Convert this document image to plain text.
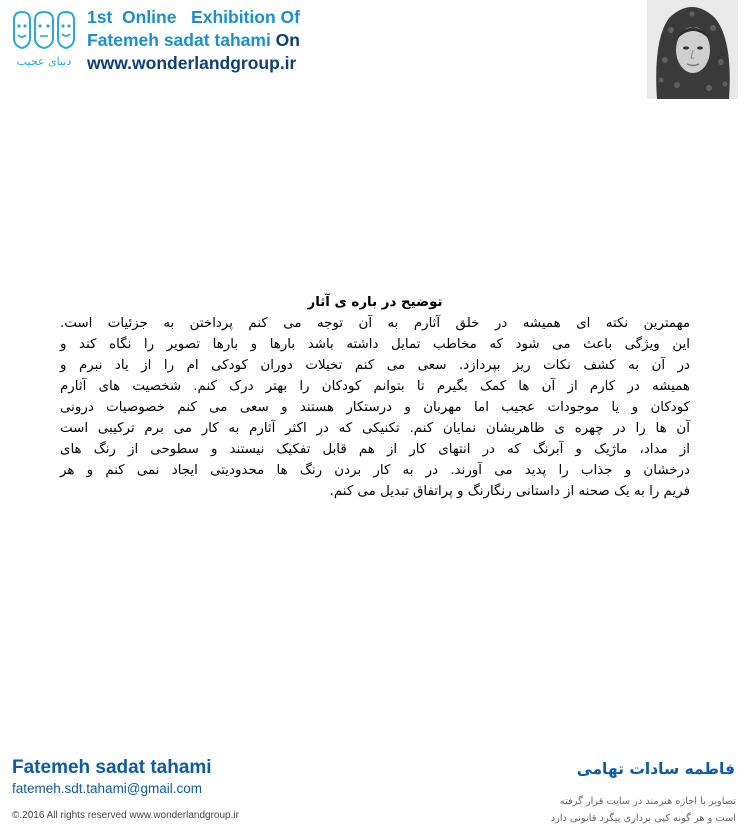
دنیای عجیب
1st  Online   Exhibition Of
Fatemeh sadat tahami On
www.wonderlandgroup.ir
توضیح در باره ی آثار
مهمترین نکته ای همیشه در خلق آثارم به آن توجه می کنم پرداختن به جزئیات است.
این ویژگی باعث می شود که مخاطب تمایل داشته باشد بارها و بارها تصویر را نگاه کند و
در آن به کشف نکات ریز بپردازد. سعی می کنم تخیلات دوران کودکی ام را از یاد نبرم و
همیشه در کارم از آن ها کمک بگیرم تا بتوانم کودکان را بهتر درک کنم. شخصیت های آثارم
کودکان و یا موجودات عجیب اما مهربان و درستکار هستند و سعی می کنم خصوصیات درونی
آن ها را در چهره ی ظاهریشان نمایان کنم. تکنیکی که در اکثر آثارم به کار می برم ترکیبی است
از مداد، ماژیک و آبرنگ که در انتهای کار از هم قابل تفکیک نیستند و سطوحی از رنگ های
درخشان و جذاب را پدید می آورند. در به کار بردن رنگ ها محدودیتی ایجاد نمی کنم و هر
فریم را به یک صحنه از داستانی رنگارنگ و پراتفاق تبدیل می کنم.
Fatemeh sadat tahami
fatemeh.sdt.tahami@gmail.com
©.2016 All rights reserved www.wonderlandgroup.ir
فاطمه سادات تهامی
تصاویر با اجازه هنرمند در سایت قرار گرفته
است و هر گونه کپی برداری پیگرد قانونی دارد
